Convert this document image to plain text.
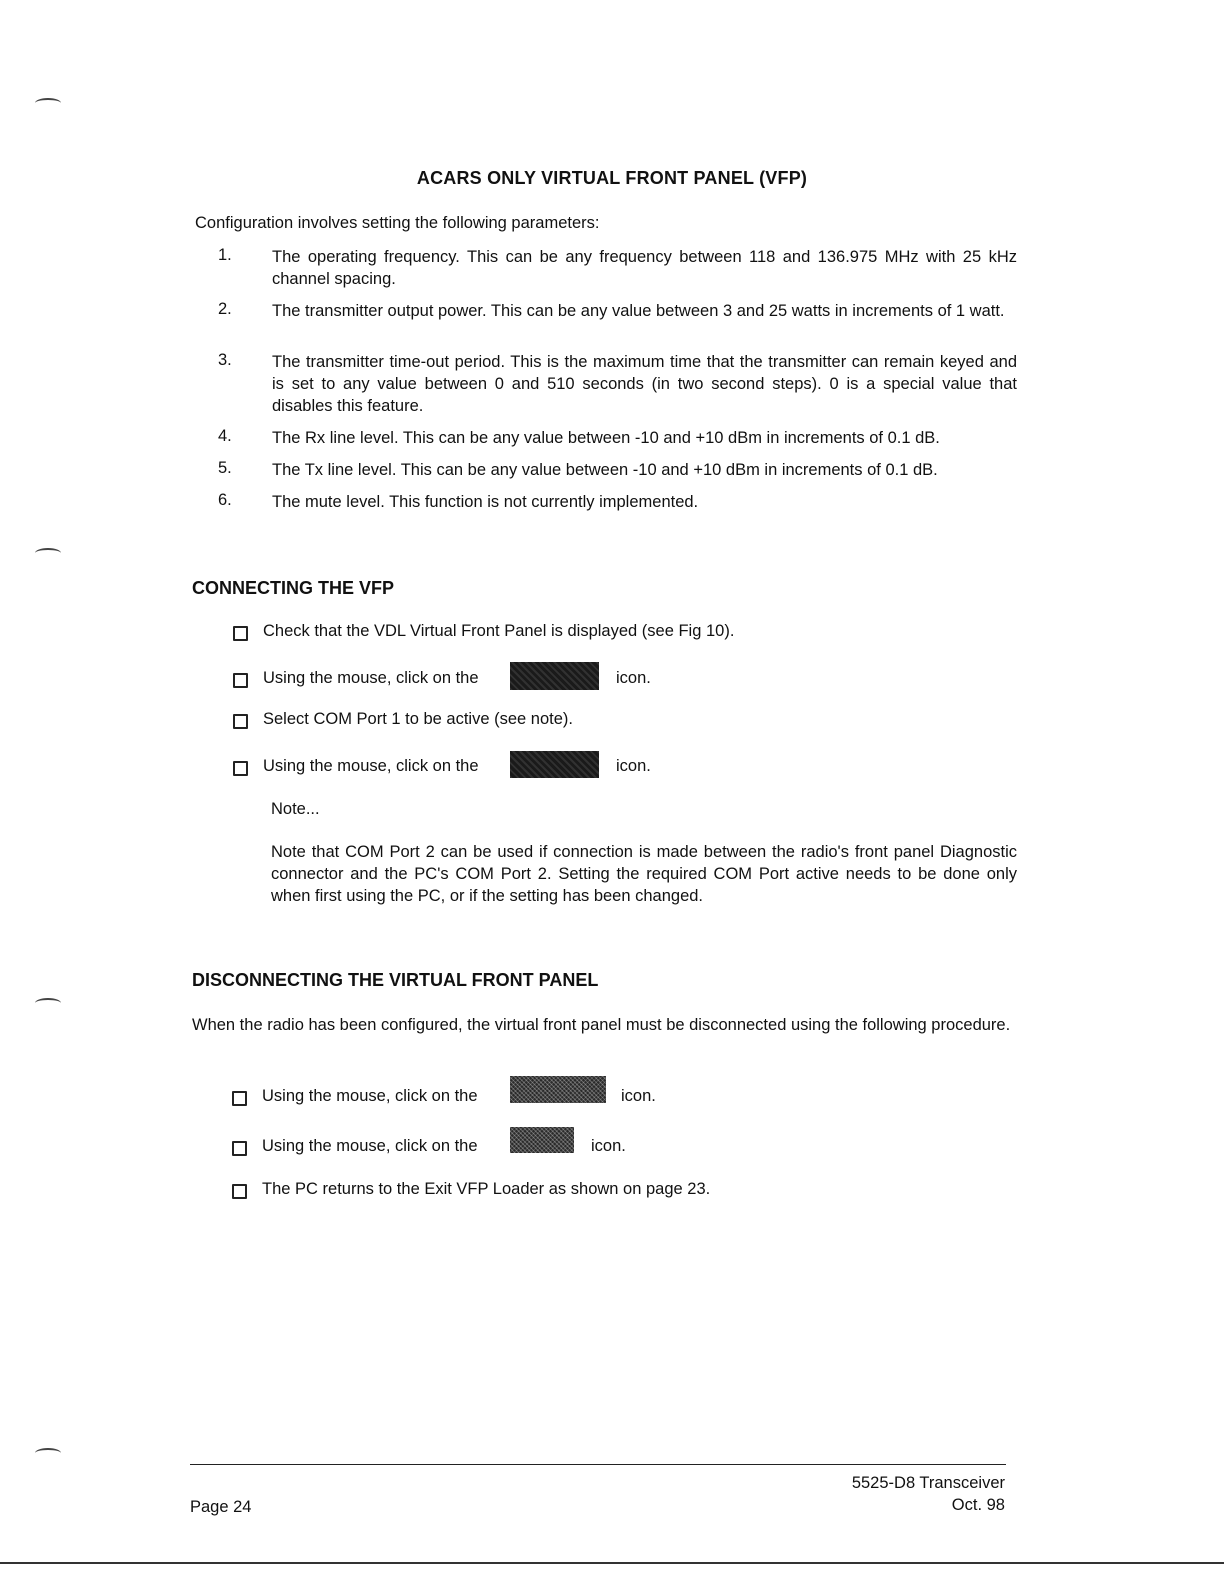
ACARS ONLY VIRTUAL FRONT PANEL (VFP)
Configuration involves setting the following parameters:
1. The operating frequency. This can be any frequency between 118 and 136.975 MHz with 25 kHz channel spacing.
2. The transmitter output power. This can be any value between 3 and 25 watts in increments of 1 watt.
3. The transmitter time-out period. This is the maximum time that the transmitter can remain keyed and is set to any value between 0 and 510 seconds (in two second steps). 0 is a special value that disables this feature.
4. The Rx line level. This can be any value between -10 and +10 dBm in increments of 0.1 dB.
5. The Tx line level. This can be any value between -10 and +10 dBm in increments of 0.1 dB.
6. The mute level. This function is not currently implemented.
CONNECTING THE VFP
Check that the VDL Virtual Front Panel is displayed (see Fig 10).
Using the mouse, click on the	icon.
Select COM Port 1 to be active (see note).
Using the mouse, click on the	icon.
Note...
Note that COM Port 2 can be used if connection is made between the radio's front panel Diagnostic connector and the PC's COM Port 2. Setting the required COM Port active needs to be done only when first using the PC, or if the setting has been changed.
DISCONNECTING THE VIRTUAL FRONT PANEL
When the radio has been configured, the virtual front panel must be disconnected using the following procedure.
Using the mouse, click on the	icon.
Using the mouse, click on the	icon.
The PC returns to the Exit VFP Loader as shown on page 23.
5525-D8 Transceiver
Oct. 98
Page 24
